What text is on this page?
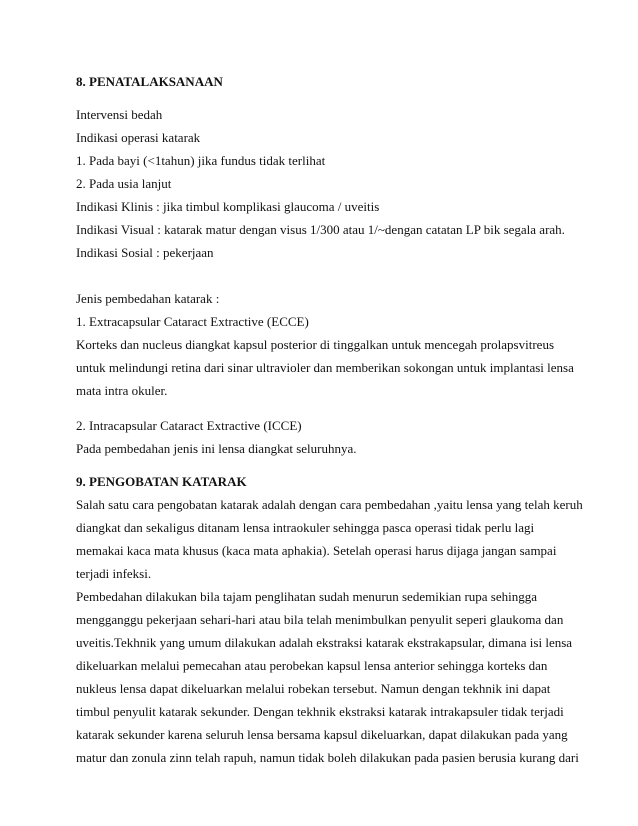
8. PENATALAKSANAAN
Intervensi bedah
Indikasi operasi katarak
1. Pada bayi (<1tahun) jika fundus tidak terlihat
2. Pada usia lanjut
Indikasi Klinis : jika timbul komplikasi glaucoma / uveitis
Indikasi Visual : katarak matur dengan visus 1/300 atau 1/~dengan catatan LP bik segala arah.
Indikasi Sosial : pekerjaan
Jenis pembedahan katarak :
1. Extracapsular Cataract Extractive (ECCE)
Korteks dan nucleus diangkat kapsul posterior di tinggalkan untuk mencegah prolapsvitreus
untuk melindungi retina dari sinar ultravioler dan memberikan sokongan untuk implantasi lensa
mata intra okuler.
2. Intracapsular Cataract Extractive (ICCE)
Pada pembedahan jenis ini lensa diangkat seluruhnya.
9. PENGOBATAN KATARAK
Salah satu cara pengobatan katarak adalah dengan cara pembedahan ,yaitu lensa yang telah keruh
diangkat dan sekaligus ditanam lensa intraokuler sehingga pasca operasi tidak perlu lagi
memakai kaca mata khusus (kaca mata aphakia). Setelah operasi harus dijaga jangan sampai
terjadi infeksi.
Pembedahan dilakukan bila tajam penglihatan sudah menurun sedemikian rupa sehingga
mengganggu pekerjaan sehari-hari atau bila telah menimbulkan penyulit seperi glaukoma dan
uveitis.Tekhnik yang umum dilakukan adalah ekstraksi katarak ekstrakapsular, dimana isi lensa
dikeluarkan melalui pemecahan atau perobekan kapsul lensa anterior sehingga korteks dan
nukleus lensa dapat dikeluarkan melalui robekan tersebut. Namun dengan tekhnik ini dapat
timbul penyulit katarak sekunder. Dengan tekhnik ekstraksi katarak intrakapsuler tidak terjadi
katarak sekunder karena seluruh lensa bersama kapsul dikeluarkan, dapat dilakukan pada yang
matur dan zonula zinn telah rapuh, namun tidak boleh dilakukan pada pasien berusia kurang dari
